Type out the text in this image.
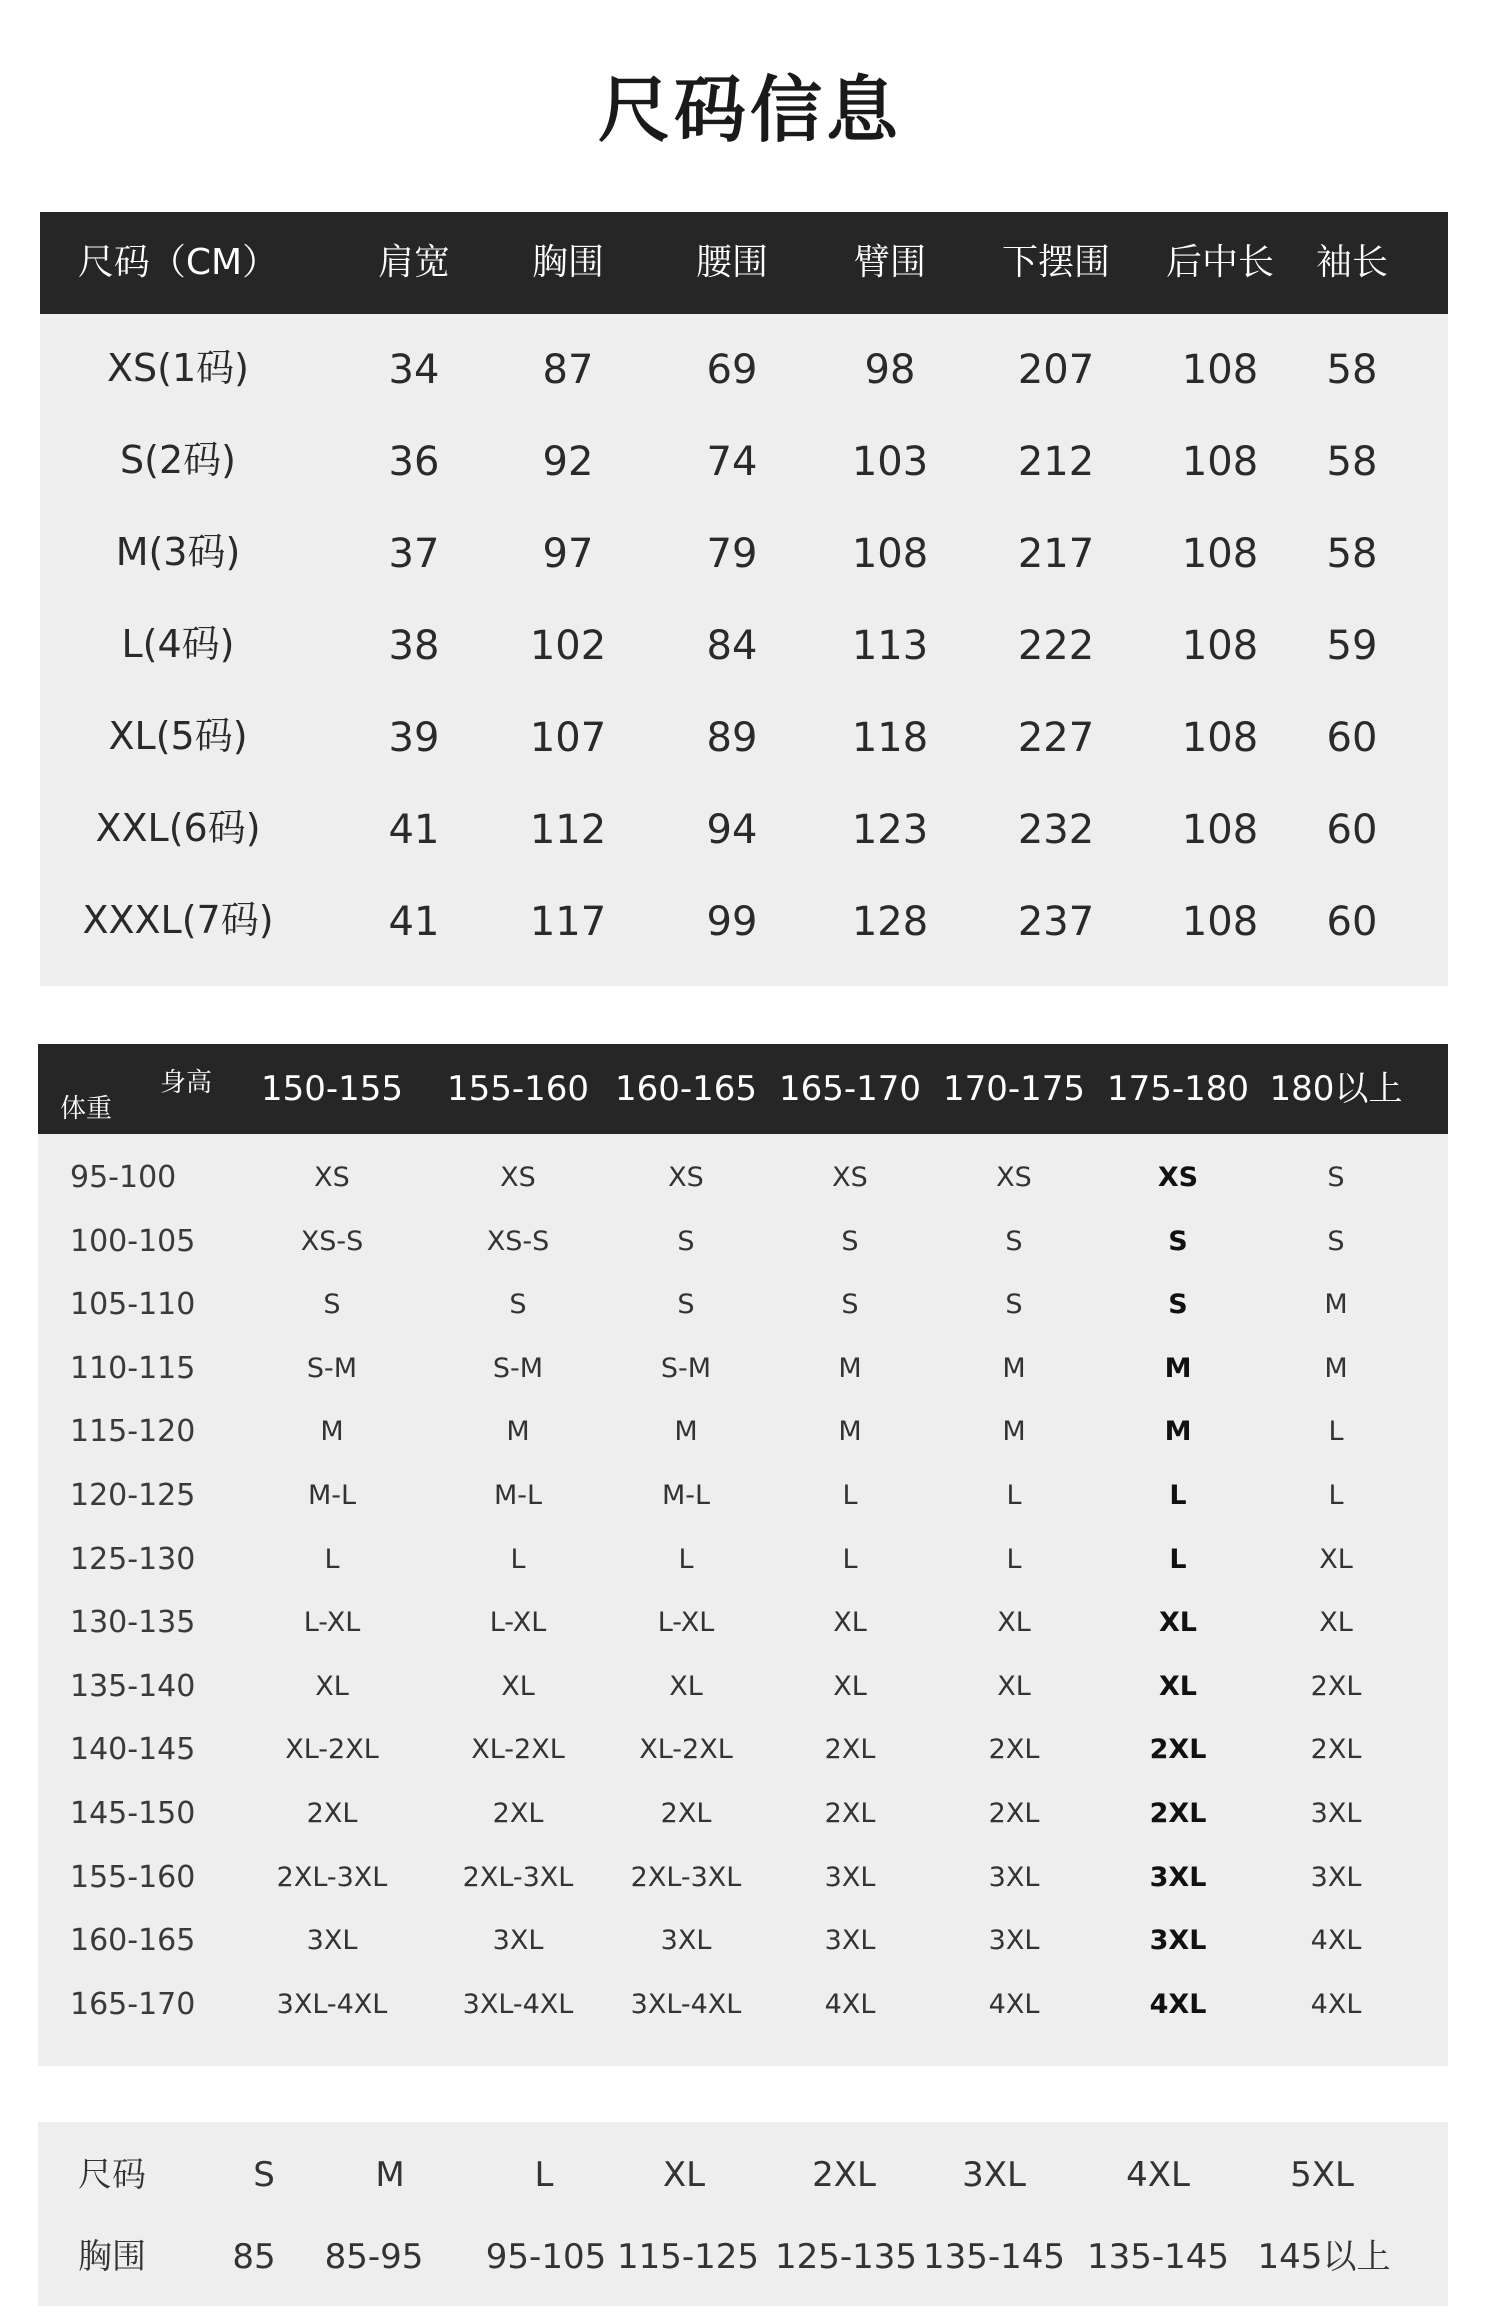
尺码信息
尺码（CM）	肩宽 胸围	腰围 臂围 下摆围 后中长 袖长
XS(1码)	34	87	69	98	207 108 58
S(2码)	36	92	74 103 212 108 58
M(3码)	37	97	79 108 217 108 58
L(4码)	38 102	84 113 222 108 59
XL(5码)	39 107	89 118 227 108 60
XXL(6码)	41 112	94 123 232 108 60
XXXL(7码)	41 117	99 128 237 108 60
身高
体重	150-155 155-160 160-165 165-170 170-175 175-180 180以上
95-100	XS	XS	XS	XS	XS	XS	S
100-105	XS-S	XS-S	S	S	S	S	S
105-110	S	S	S	S	S	S	M
110-115	S-M	S-M	S-M	M	M	M	M
115-120	M	M	M	M	M	M	L
120-125	M-L	M-L	M-L	L	L	L	L
125-130	L	L	L	L	L	L	XL
130-135	L-XL	L-XL	L-XL	XL	XL	XL	XL
135-140	XL	XL	XL	XL	XL	XL	2XL
140-145	XL-2XL	XL-2XL	XL-2XL	2XL	2XL	2XL	2XL
145-150	2XL	2XL	2XL	2XL	2XL	2XL	3XL
155-160	2XL-3XL	2XL-3XL 2XL-3XL	3XL	3XL	3XL	3XL
160-165	3XL	3XL	3XL	3XL	3XL	3XL	4XL
165-170	3XL-4XL	3XL-4XL 3XL-4XL	4XL	4XL	4XL	4XL
尺码	S	M	L	XL	2XL	3XL	4XL	5XL
胸围	85 85-95 95-105 115-125 125-135 135-145 135-145 145以上
